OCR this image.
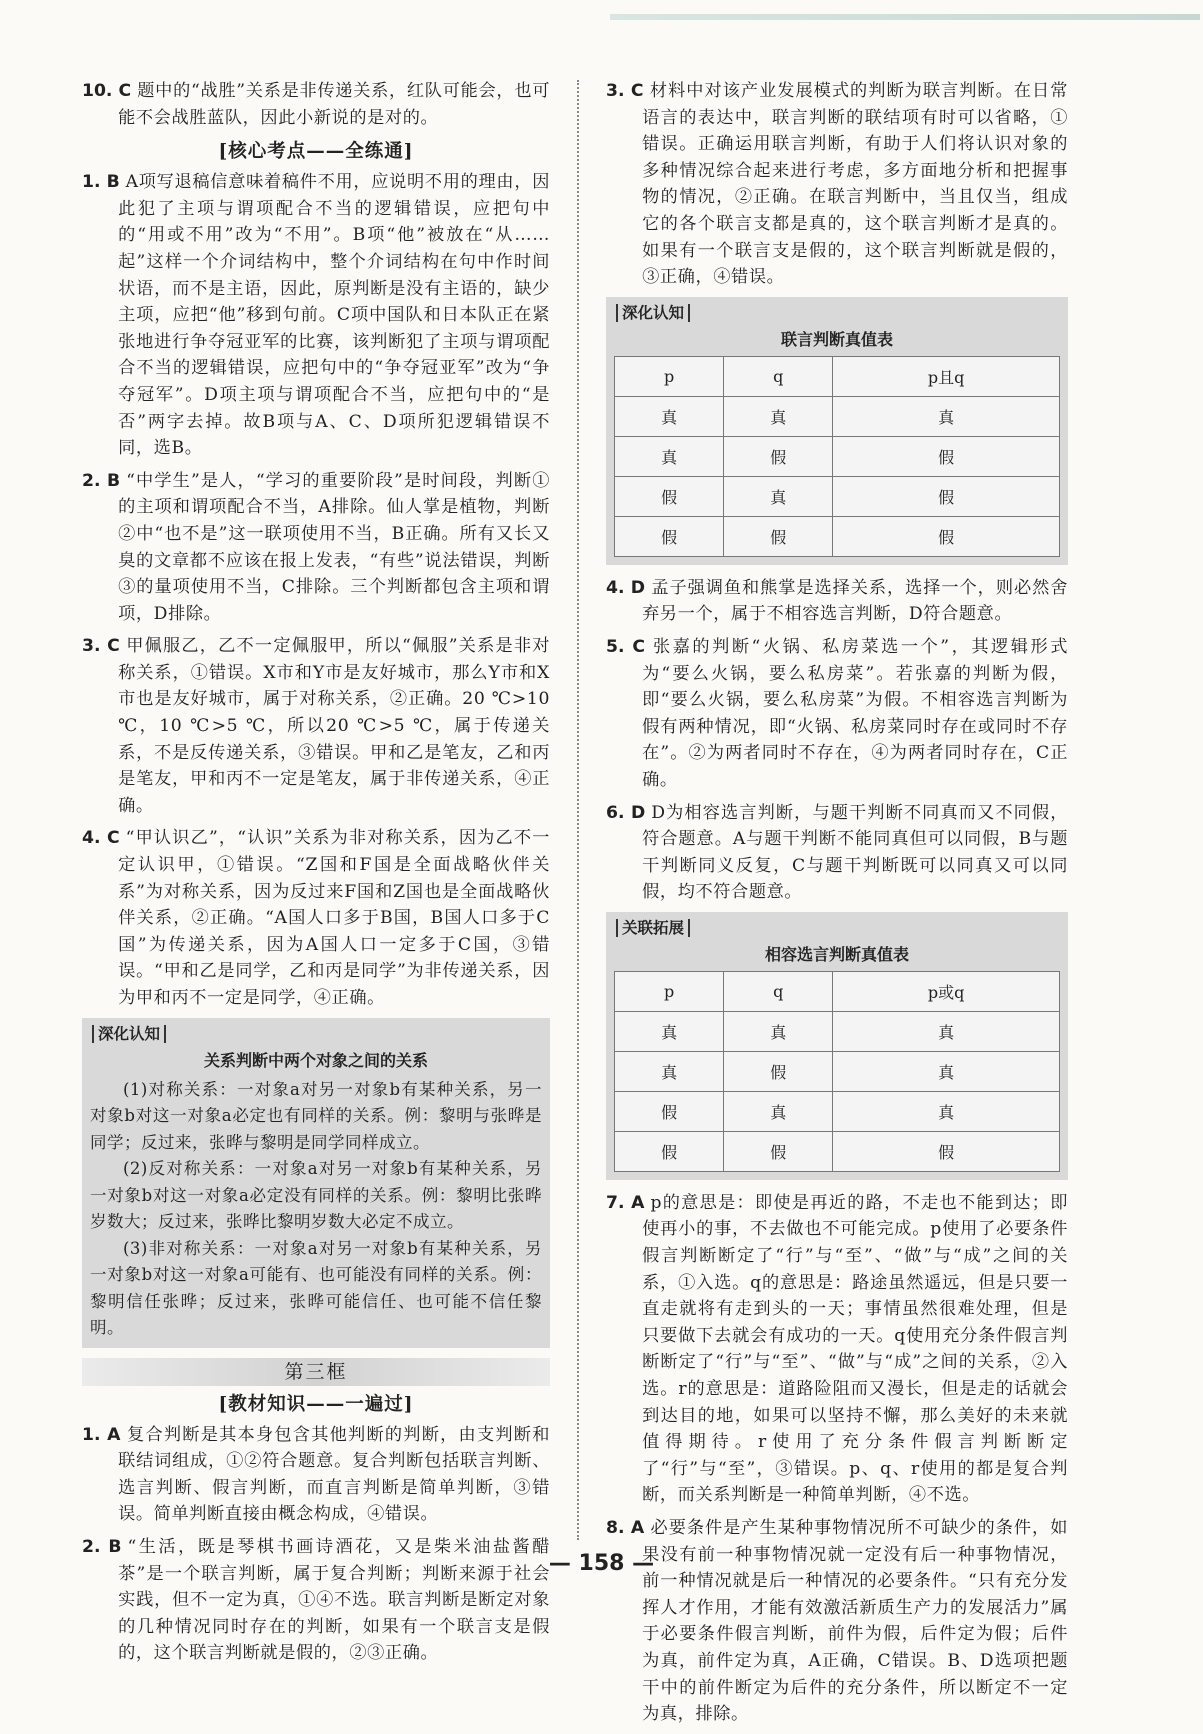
10. C 题中的“战胜”关系是非传递关系，红队可能会，也可能不会战胜蓝队，因此小新说的是对的。

[核心考点——全练通]

1. B A项写退稿信意味着稿件不用，应说明不用的理由，因此犯了主项与谓项配合不当的逻辑错误，应把句中的“用或不用”改为“不用”。B项“他”被放在“从……起”这样一个介词结构中，整个介词结构在句中作时间状语，而不是主语，因此，原判断是没有主语的，缺少主项，应把“他”移到句前。C项中国队和日本队正在紧张地进行争夺冠亚军的比赛，该判断犯了主项与谓项配合不当的逻辑错误，应把句中的“争夺冠亚军”改为“争夺冠军”。D项主项与谓项配合不当，应把句中的“是否”两字去掉。故B项与A、C、D项所犯逻辑错误不同，选B。

2. B “中学生”是人，“学习的重要阶段”是时间段，判断①的主项和谓项配合不当，A排除。仙人掌是植物，判断②中“也不是”这一联项使用不当，B正确。所有又长又臭的文章都不应该在报上发表，“有些”说法错误，判断③的量项使用不当，C排除。三个判断都包含主项和谓项，D排除。

3. C 甲佩服乙，乙不一定佩服甲，所以“佩服”关系是非对称关系，①错误。X市和Y市是友好城市，那么Y市和X市也是友好城市，属于对称关系，②正确。20 ℃>10 ℃，10 ℃>5 ℃，所以20 ℃>5 ℃，属于传递关系，不是反传递关系，③错误。甲和乙是笔友，乙和丙是笔友，甲和丙不一定是笔友，属于非传递关系，④正确。

4. C “甲认识乙”，“认识”关系为非对称关系，因为乙不一定认识甲，①错误。“Z国和F国是全面战略伙伴关系”为对称关系，因为反过来F国和Z国也是全面战略伙伴关系，②正确。“A国人口多于B国，B国人口多于C国”为传递关系，因为A国人口一定多于C国，③错误。“甲和乙是同学，乙和丙是同学”为非传递关系，因为甲和丙不一定是同学，④正确。

深化认知
关系判断中两个对象之间的关系

(1)对称关系：一对象a对另一对象b有某种关系，另一对象b对这一对象a必定也有同样的关系。例：黎明与张晔是同学；反过来，张晔与黎明是同学同样成立。

(2)反对称关系：一对象a对另一对象b有某种关系，另一对象b对这一对象a必定没有同样的关系。例：黎明比张晔岁数大；反过来，张晔比黎明岁数大必定不成立。

(3)非对称关系：一对象a对另一对象b有某种关系，另一对象b对这一对象a可能有、也可能没有同样的关系。例：黎明信任张晔；反过来，张晔可能信任、也可能不信任黎明。

第三框
[教材知识——一遍过]

1. A 复合判断是其本身包含其他判断的判断，由支判断和联结词组成，①②符合题意。复合判断包括联言判断、选言判断、假言判断，而直言判断是简单判断，③错误。简单判断直接由概念构成，④错误。

2. B “生活，既是琴棋书画诗酒花，又是柴米油盐酱醋茶”是一个联言判断，属于复合判断；判断来源于社会实践，但不一定为真，①④不选。联言判断是断定对象的几种情况同时存在的判断，如果有一个联言支是假的，这个联言判断就是假的，②③正确。

3. C 材料中对该产业发展模式的判断为联言判断。在日常语言的表达中，联言判断的联结项有时可以省略，①错误。正确运用联言判断，有助于人们将认识对象的多种情况综合起来进行考虑，多方面地分析和把握事物的情况，②正确。在联言判断中，当且仅当，组成它的各个联言支都是真的，这个联言判断才是真的。如果有一个联言支是假的，这个联言判断就是假的，③正确，④错误。

深化认知
联言判断真值表
p	q	p且q
真	真	真
真	假	假
假	真	假
假	假	假

4. D 孟子强调鱼和熊掌是选择关系，选择一个，则必然舍弃另一个，属于不相容选言判断，D符合题意。

5. C 张嘉的判断“火锅、私房菜选一个”，其逻辑形式为“要么火锅，要么私房菜”。若张嘉的判断为假，即“要么火锅，要么私房菜”为假。不相容选言判断为假有两种情况，即“火锅、私房菜同时存在或同时不存在”。②为两者同时不存在，④为两者同时存在，C正确。

6. D D为相容选言判断，与题干判断不同真而又不同假，符合题意。A与题干判断不能同真但可以同假，B与题干判断同义反复，C与题干判断既可以同真又可以同假，均不符合题意。

关联拓展
相容选言判断真值表
p	q	p或q
真	真	真
真	假	真
假	真	真
假	假	假

7. A p的意思是：即使是再近的路，不走也不能到达；即使再小的事，不去做也不可能完成。p使用了必要条件假言判断断定了“行”与“至”、“做”与“成”之间的关系，①入选。q的意思是：路途虽然遥远，但是只要一直走就将有走到头的一天；事情虽然很难处理，但是只要做下去就会有成功的一天。q使用充分条件假言判断断定了“行”与“至”、“做”与“成”之间的关系，②入选。r的意思是：道路险阻而又漫长，但是走的话就会到达目的地，如果可以坚持不懈，那么美好的未来就值得期待。r使用了充分条件假言判断断定了“行”与“至”，③错误。p、q、r使用的都是复合判断，而关系判断是一种简单判断，④不选。

8. A 必要条件是产生某种事物情况所不可缺少的条件，如果没有前一种事物情况就一定没有后一种事物情况，前一种情况就是后一种情况的必要条件。“只有充分发挥人才作用，才能有效激活新质生产力的发展活力”属于必要条件假言判断，前件为假，后件定为假；后件为真，前件定为真，A正确，C错误。B、D选项把题干中的前件断定为后件的充分条件，所以断定不一定为真，排除。

— 158 —
